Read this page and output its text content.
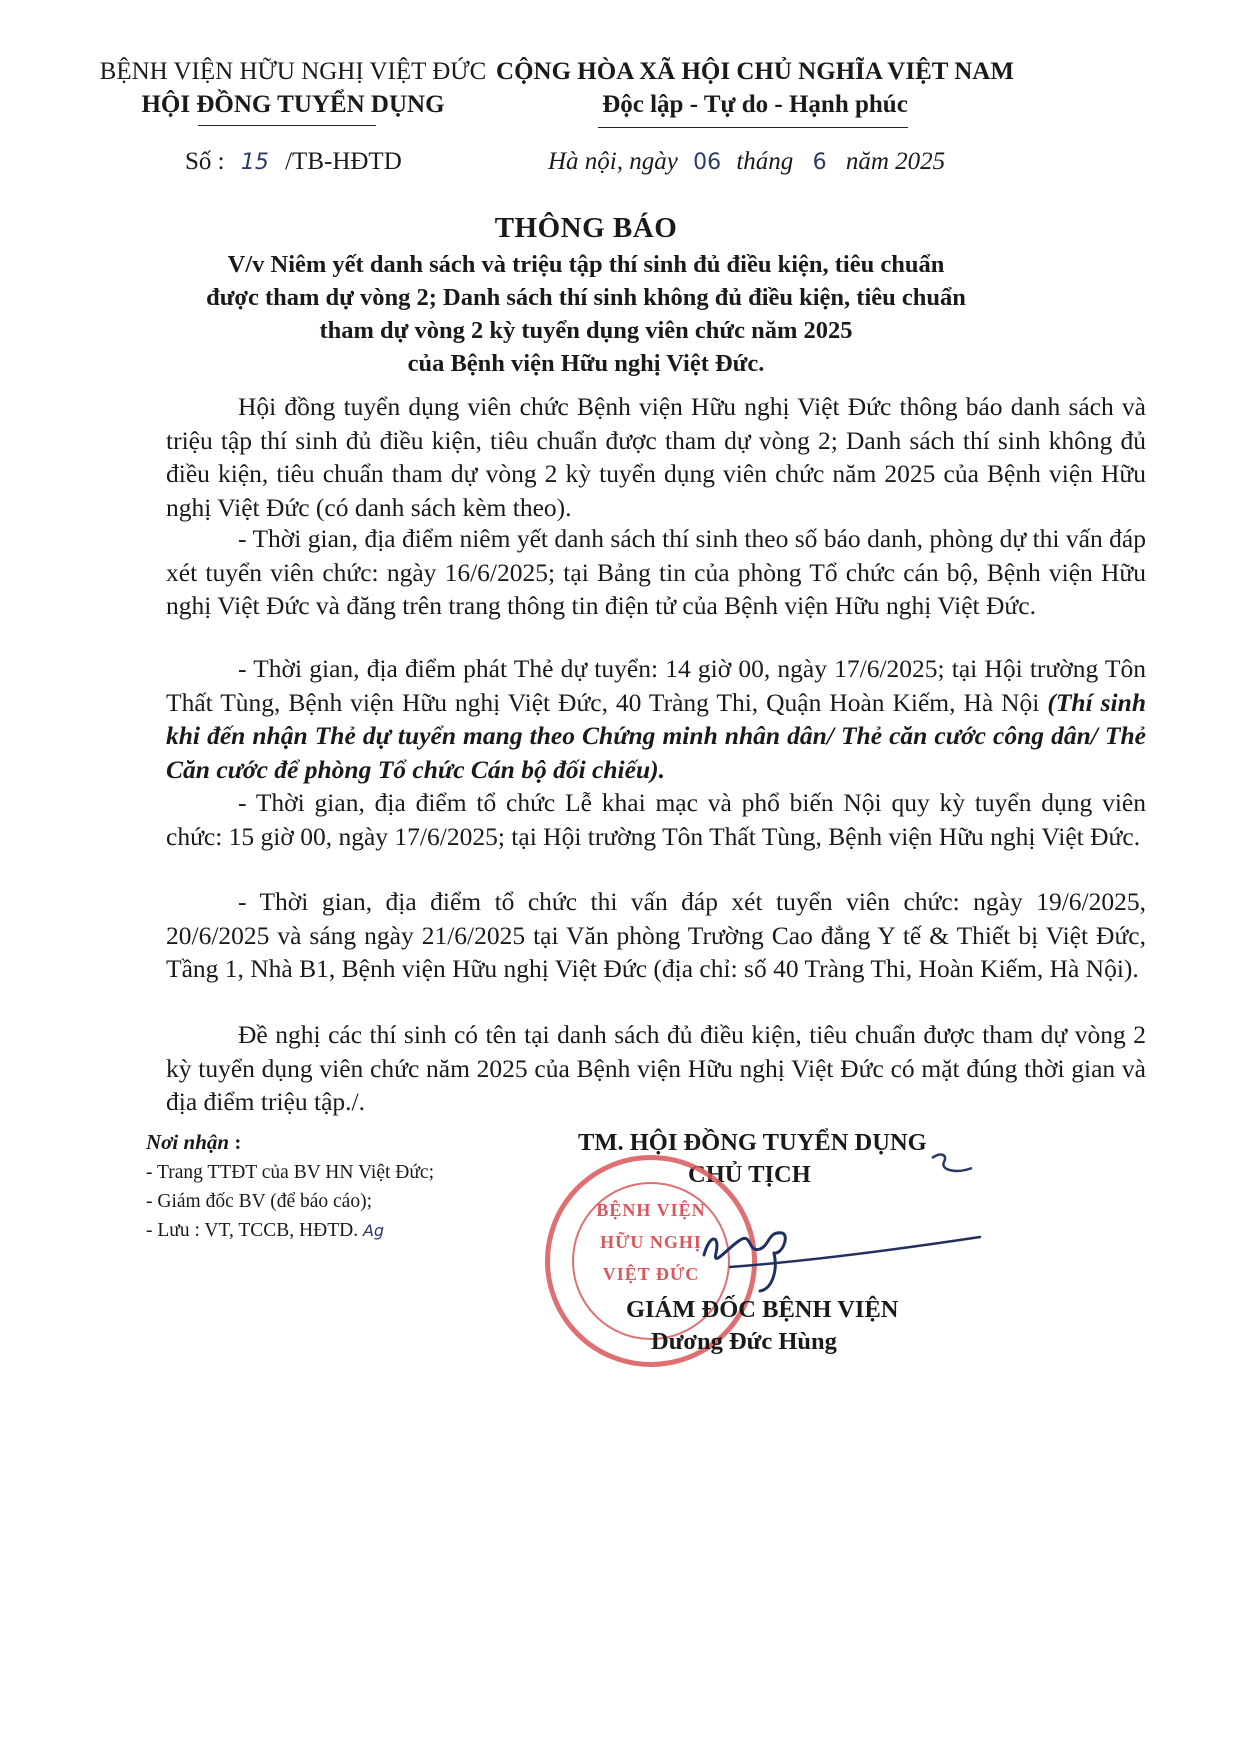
BỆNH VIỆN HỮU NGHỊ VIỆT ĐỨC
HỘI ĐỒNG TUYỂN DỤNG
CỘNG HÒA XÃ HỘI CHỦ NGHĨA VIỆT NAM
Độc lập - Tự do - Hạnh phúc
Số : 15 /TB-HĐTD	Hà nội, ngày 06 tháng 6 năm 2025
THÔNG BÁO
V/v Niêm yết danh sách và triệu tập thí sinh đủ điều kiện, tiêu chuẩn
được tham dự vòng 2; Danh sách thí sinh không đủ điều kiện, tiêu chuẩn
tham dự vòng 2 kỳ tuyển dụng viên chức năm 2025
của Bệnh viện Hữu nghị Việt Đức.

Hội đồng tuyển dụng viên chức Bệnh viện Hữu nghị Việt Đức thông báo danh sách và triệu tập thí sinh đủ điều kiện, tiêu chuẩn được tham dự vòng 2; Danh sách thí sinh không đủ điều kiện, tiêu chuẩn tham dự vòng 2 kỳ tuyển dụng viên chức năm 2025 của Bệnh viện Hữu nghị Việt Đức (có danh sách kèm theo).

- Thời gian, địa điểm niêm yết danh sách thí sinh theo số báo danh, phòng dự thi vấn đáp xét tuyển viên chức: ngày 16/6/2025; tại Bảng tin của phòng Tổ chức cán bộ, Bệnh viện Hữu nghị Việt Đức và đăng trên trang thông tin điện tử của Bệnh viện Hữu nghị Việt Đức.

- Thời gian, địa điểm phát Thẻ dự tuyển: 14 giờ 00, ngày 17/6/2025; tại Hội trường Tôn Thất Tùng, Bệnh viện Hữu nghị Việt Đức, 40 Tràng Thi, Quận Hoàn Kiếm, Hà Nội (Thí sinh khi đến nhận Thẻ dự tuyển mang theo Chứng minh nhân dân/ Thẻ căn cước công dân/ Thẻ Căn cước để phòng Tổ chức Cán bộ đối chiếu).

- Thời gian, địa điểm tổ chức Lễ khai mạc và phổ biến Nội quy kỳ tuyển dụng viên chức: 15 giờ 00, ngày 17/6/2025; tại Hội trường Tôn Thất Tùng, Bệnh viện Hữu nghị Việt Đức.

- Thời gian, địa điểm tổ chức thi vấn đáp xét tuyển viên chức: ngày 19/6/2025, 20/6/2025 và sáng ngày 21/6/2025 tại Văn phòng Trường Cao đẳng Y tế & Thiết bị Việt Đức, Tầng 1, Nhà B1, Bệnh viện Hữu nghị Việt Đức (địa chỉ: số 40 Tràng Thi, Hoàn Kiếm, Hà Nội).

Đề nghị các thí sinh có tên tại danh sách đủ điều kiện, tiêu chuẩn được tham dự vòng 2 kỳ tuyển dụng viên chức năm 2025 của Bệnh viện Hữu nghị Việt Đức có mặt đúng thời gian và địa điểm triệu tập./.

Nơi nhận :
- Trang TTĐT của BV HN Việt Đức;
- Giám đốc BV (để báo cáo);
- Lưu : VT, TCCB, HĐTD. Ag
TM. HỘI ĐỒNG TUYỂN DỤNG
CHỦ TỊCH
BỆNH VIỆN
HỮU NGHỊ
VIỆT ĐỨC
GIÁM ĐỐC BỆNH VIỆN
Dương Đức Hùng
